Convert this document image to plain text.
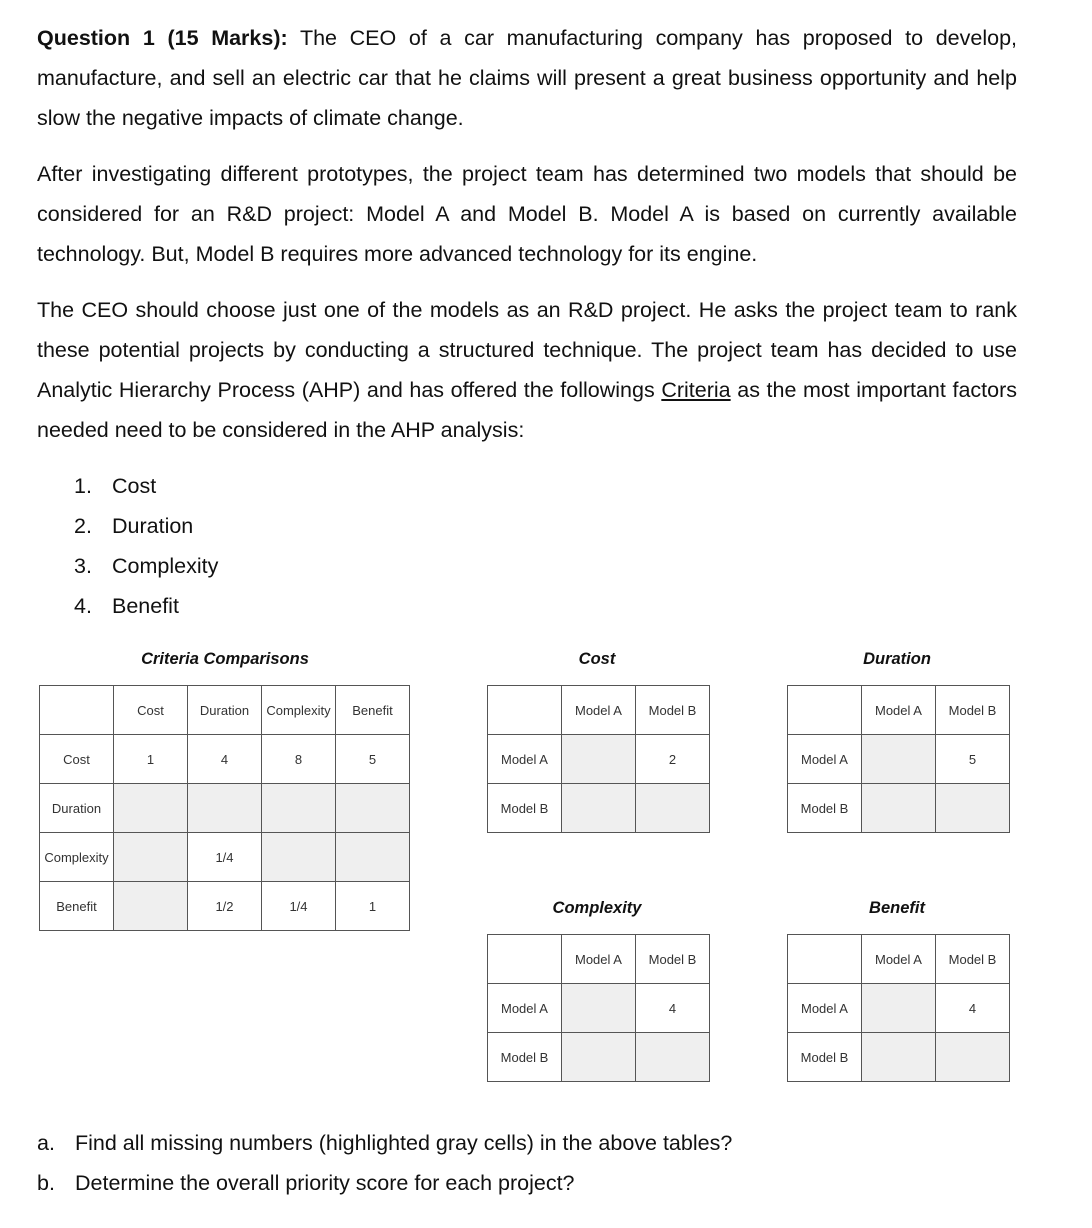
Question 1 (15 Marks): The CEO of a car manufacturing company has proposed to develop, manufacture, and sell an electric car that he claims will present a great business opportunity and help slow the negative impacts of climate change.

After investigating different prototypes, the project team has determined two models that should be considered for an R&D project: Model A and Model B. Model A is based on currently available technology. But, Model B requires more advanced technology for its engine.

The CEO should choose just one of the models as an R&D project. He asks the project team to rank these potential projects by conducting a structured technique. The project team has decided to use Analytic Hierarchy Process (AHP) and has offered the followings Criteria as the most important factors needed need to be considered in the AHP analysis:

1. Cost
2. Duration
3. Complexity
4. Benefit
Criteria Comparisons
	Cost	Duration	Complexity	Benefit
Cost	1	4	8	5
Duration				
Complexity		1/4		
Benefit		1/2	1/4	1
Cost
	Model A	Model B
Model A		2
Model B		
Duration
	Model A	Model B
Model A		5
Model B		
Complexity
	Model A	Model B
Model A		4
Model B		
Benefit
	Model A	Model B
Model A		4
Model B		
a. Find all missing numbers (highlighted gray cells) in the above tables?
b. Determine the overall priority score for each project?
